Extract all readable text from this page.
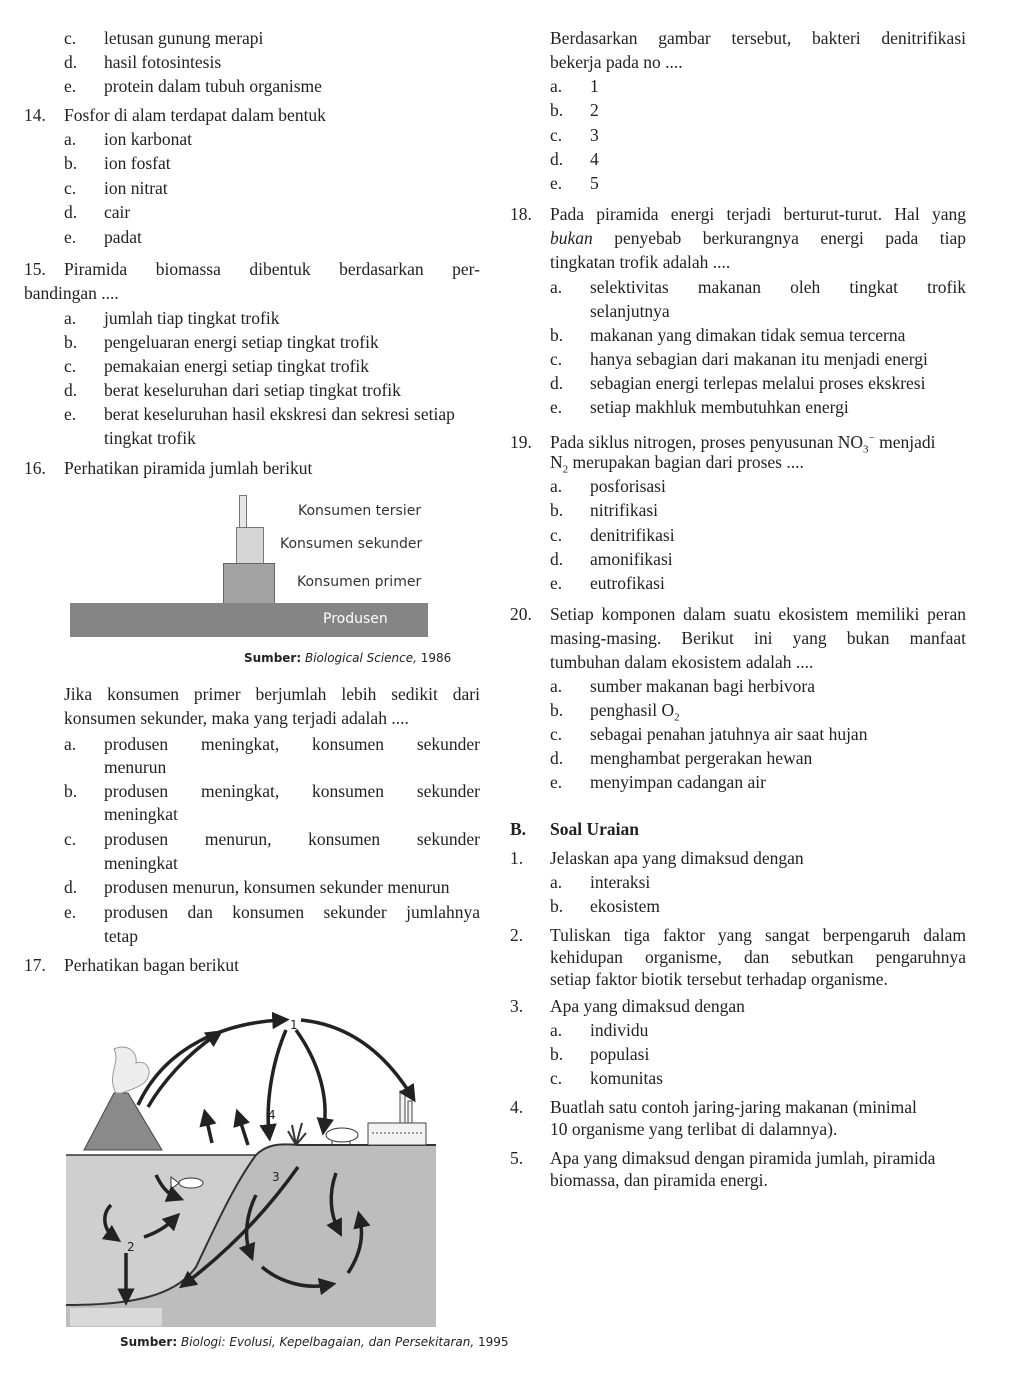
c. letusan gunung merapi
d. hasil fotosintesis
e. protein dalam tubuh organisme
14. Fosfor di alam terdapat dalam bentuk
a. ion karbonat
b. ion fosfat
c. ion nitrat
d. cair
e. padat
15. Piramida biomassa dibentuk berdasarkan per-
bandingan ....
a. jumlah tiap tingkat trofik
b. pengeluaran energi setiap tingkat trofik
c. pemakaian energi setiap tingkat trofik
d. berat keseluruhan dari setiap tingkat trofik
e. berat keseluruhan hasil ekskresi dan sekresi setiap
tingkat trofik
16. Perhatikan piramida jumlah berikut
Konsumen tersier
Konsumen sekunder
Konsumen primer
Produsen
Sumber: Biological Science, 1986
Jika konsumen primer berjumlah lebih sedikit dari
konsumen sekunder, maka yang terjadi adalah ....
a. produsen meningkat, konsumen sekunder
menurun
b. produsen meningkat, konsumen sekunder
meningkat
c. produsen menurun, konsumen sekunder
meningkat
d. produsen menurun, konsumen sekunder menurun
e. produsen dan konsumen sekunder jumlahnya
tetap
17. Perhatikan bagan berikut
1
2
3
4
Sumber: Biologi: Evolusi, Kepelbagaian, dan Persekitaran, 1995
Berdasarkan gambar tersebut, bakteri denitrifikasi
bekerja pada no ....
a. 1
b. 2
c. 3
d. 4
e. 5
18. Pada piramida energi terjadi berturut-turut. Hal yang
bukan penyebab berkurangnya energi pada tiap
tingkatan trofik adalah ....
a. selektivitas makanan oleh tingkat trofik
selanjutnya
b. makanan yang dimakan tidak semua tercerna
c. hanya sebagian dari makanan itu menjadi energi
d. sebagian energi terlepas melalui proses ekskresi
e. setiap makhluk membutuhkan energi
19. Pada siklus nitrogen, proses penyusunan $NO_3^-$ menjadi
$N_2$ merupakan bagian dari proses ....
a. posforisasi
b. nitrifikasi
c. denitrifikasi
d. amonifikasi
e. eutrofikasi
20. Setiap komponen dalam suatu ekosistem memiliki peran
masing-masing. Berikut ini yang bukan manfaat
tumbuhan dalam ekosistem adalah ....
a. sumber makanan bagi herbivora
b. penghasil $O_2$
c. sebagai penahan jatuhnya air saat hujan
d. menghambat pergerakan hewan
e. menyimpan cadangan air
B. Soal Uraian
1. Jelaskan apa yang dimaksud dengan
a. interaksi
b. ekosistem
2. Tuliskan tiga faktor yang sangat berpengaruh dalam
kehidupan organisme, dan sebutkan pengaruhnya
setiap faktor biotik tersebut terhadap organisme.
3. Apa yang dimaksud dengan
a. individu
b. populasi
c. komunitas
4. Buatlah satu contoh jaring-jaring makanan (minimal
10 organisme yang terlibat di dalamnya).
5. Apa yang dimaksud dengan piramida jumlah, piramida
biomassa, dan piramida energi.
